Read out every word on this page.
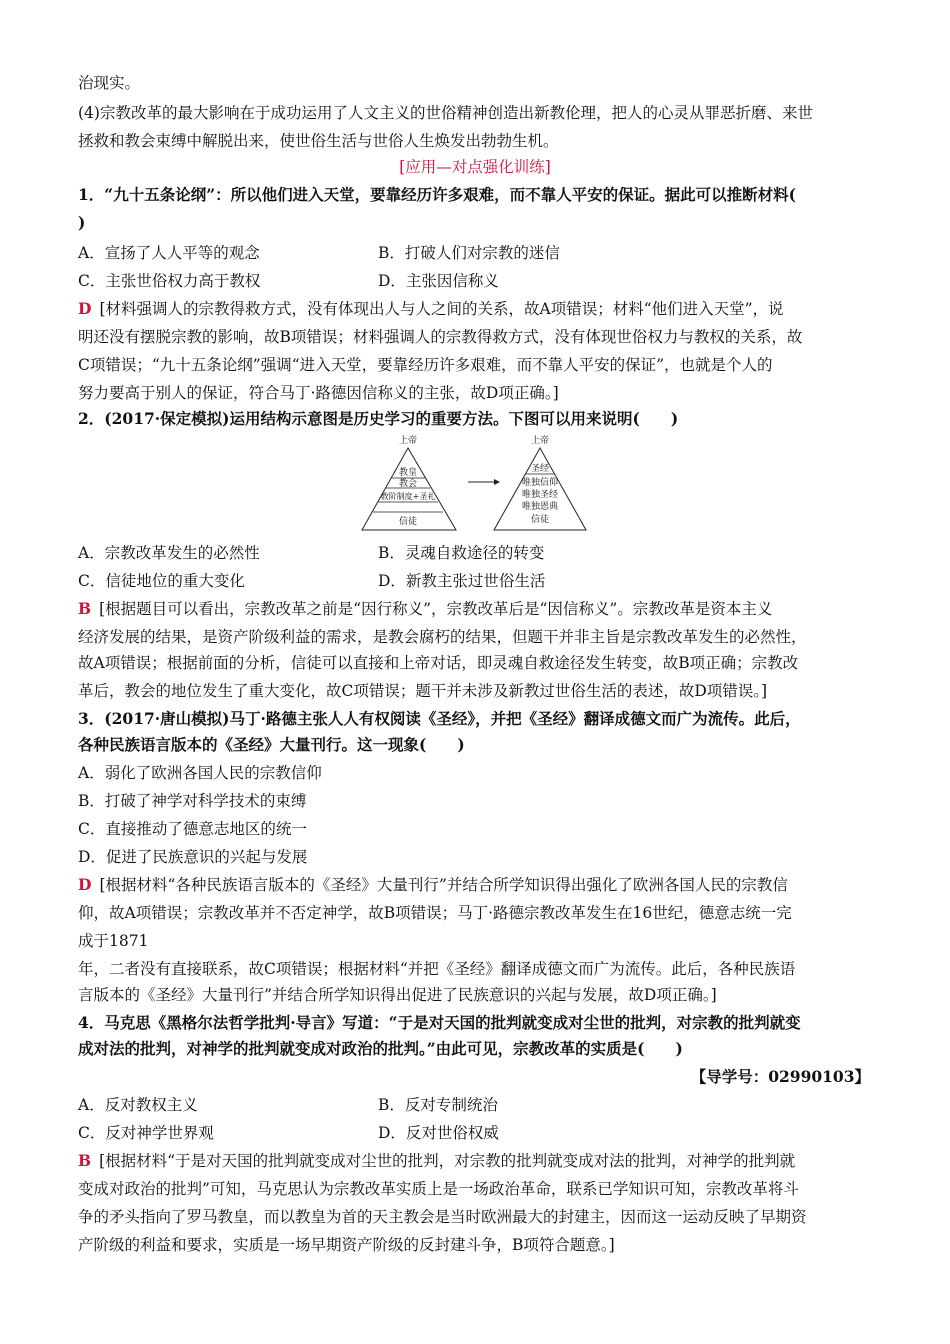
治现实。
(4)宗教改革的最大影响在于成功运用了人文主义的世俗精神创造出新教伦理，把人的心灵从罪恶折磨、来世
拯救和教会束缚中解脱出来，使世俗生活与世俗人生焕发出勃勃生机。
[应用—对点强化训练]
1．“九十五条论纲”：所以他们进入天堂，要靠经历许多艰难，而不靠人平安的保证。据此可以推断材料(
)
A．宣扬了人人平等的观念	B．打破人们对宗教的迷信
C．主张世俗权力高于教权	D．主张因信称义
D [材料强调人的宗教得救方式，没有体现出人与人之间的关系，故A项错误；材料“他们进入天堂”，说
明还没有摆脱宗教的影响，故B项错误；材料强调人的宗教得救方式，没有体现世俗权力与教权的关系，故
C项错误；“九十五条论纲”强调“进入天堂，要靠经历许多艰难，而不靠人平安的保证”，也就是个人的
努力要高于别人的保证，符合马丁·路德因信称义的主张，故D项正确。]
2．(2017·保定模拟)运用结构示意图是历史学习的重要方法。下图可以用来说明(　　)
上帝
教皇
教会
教阶制度+圣礼
信徒
上帝
圣经
唯独信仰
唯独圣经
唯独恩典
信徒
A．宗教改革发生的必然性	B．灵魂自救途径的转变
C．信徒地位的重大变化	D．新教主张过世俗生活
B [根据题目可以看出，宗教改革之前是“因行称义”，宗教改革后是“因信称义”。宗教改革是资本主义
经济发展的结果，是资产阶级利益的需求，是教会腐朽的结果，但题干并非主旨是宗教改革发生的必然性，
故A项错误；根据前面的分析，信徒可以直接和上帝对话，即灵魂自救途径发生转变，故B项正确；宗教改
革后，教会的地位发生了重大变化，故C项错误；题干并未涉及新教过世俗生活的表述，故D项错误。]
3．(2017·唐山模拟)马丁·路德主张人人有权阅读《圣经》，并把《圣经》翻译成德文而广为流传。此后，
各种民族语言版本的《圣经》大量刊行。这一现象(　　)
A．弱化了欧洲各国人民的宗教信仰
B．打破了神学对科学技术的束缚
C．直接推动了德意志地区的统一
D．促进了民族意识的兴起与发展
D [根据材料“各种民族语言版本的《圣经》大量刊行”并结合所学知识得出强化了欧洲各国人民的宗教信
仰，故A项错误；宗教改革并不否定神学，故B项错误；马丁·路德宗教改革发生在16世纪，德意志统一完
成于1871
年，二者没有直接联系，故C项错误；根据材料“并把《圣经》翻译成德文而广为流传。此后，各种民族语
言版本的《圣经》大量刊行”并结合所学知识得出促进了民族意识的兴起与发展，故D项正确。]
4．马克思《黑格尔法哲学批判·导言》写道：“于是对天国的批判就变成对尘世的批判，对宗教的批判就变
成对法的批判，对神学的批判就变成对政治的批判。”由此可见，宗教改革的实质是(　　)
【导学号：02990103】
A．反对教权主义	B．反对专制统治
C．反对神学世界观	D．反对世俗权威
B [根据材料“于是对天国的批判就变成对尘世的批判，对宗教的批判就变成对法的批判，对神学的批判就
变成对政治的批判”可知，马克思认为宗教改革实质上是一场政治革命，联系已学知识可知，宗教改革将斗
争的矛头指向了罗马教皇，而以教皇为首的天主教会是当时欧洲最大的封建主，因而这一运动反映了早期资
产阶级的利益和要求，实质是一场早期资产阶级的反封建斗争，B项符合题意。]
